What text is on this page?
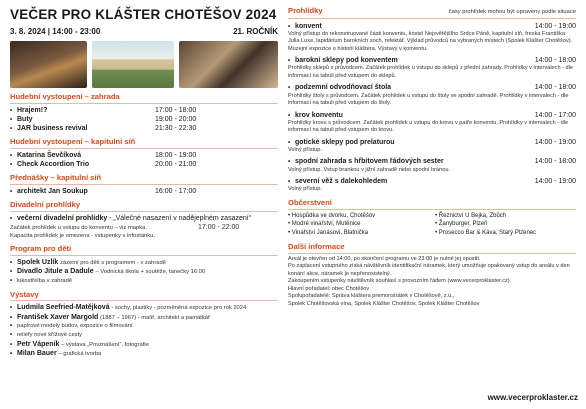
VEČER PRO KLÁŠTER CHOTĚŠOV 2024
3. 8. 2024 | 14:00 - 23:00	21. ROČNÍK
Hudební vystoupení – zahrada
• Hrajem!?	17:00 - 18:00
• Buty	19:00 - 20:00
• JAR business revival	21:30 - 22:30
Hudební vystoupení – kapitulní síň
• Katarina Ševčíková	18:00 - 19:00
• Check Accordion Trio	20:00 - 21:00
Přednášky – kapitulní síň
• architekt Jan Soukup	16:00 - 17:00
Divadelní prohlídky
• večerní divadelní prohlídky
- „Válečné nasazení v nadějeplném zasazení“
Začátek prohlídek u vstupu do konventu – viz mapka.	17:00 - 22:00
Kapacita prohlídek je omezena - vstupenky v infostánku.
Program pro děti
• Spolek Uzlík
zázemí pro děti s programem - v zahradě
• Divadlo Jitule a Dadule
– Vodnická škola + soutěže, tanečky 16:00
• lukostřelba v zahradě
Výstavy
• Ludmila Seefried-Matějková
- sochy, plastiky - pozměněná expozice pro rok 2024
• František Xaver Margold
(1887 – 1967) - malíř, architekt a památkář
• papírové modely budov, expozice o filmování
• reliéfy nové křížové cesty
• Petr Vápeník
– výstava „Povznášení“, fotografie
• Milan Bauer
– grafická tvorba
Prohlídky	časy prohlídek mohou být upraveny podle situace
• konvent	14:00 - 19:00
Volný přístup do rekonstruované části konventu, kostel Nejsvětějšího Srdce Páně, kapitulní síň, freska Františka Julia Luxe, lapidárium barokních soch, refektář. Výklad průvodců na vybraných místech (Spolek Klášter Chotěšov). Muzejní expozice o historii kláštera. Výstavy v konventu.
• barokní sklepy pod konventem	14:00 - 18:00
Prohlídky sklepů s průvodcem. Začátek prohlídek u vstupu do sklepů z přední zahrady. Prohlídky v intervalech - dle informací na tabuli před vstupem do sklepů.
• podzemní odvodňovací štola	14:00 - 18:00
Prohlídky štoly s průvodcem. Začátek prohlídek u vstupu do štoly ve spodní zahradě. Prohlídky v intervalech - dle informací na tabuli před vstupem do štoly.
• krov konventu	14:00 - 17:00
Prohlídky krovu s průvodcem. Začátek prohlídek u vstupu do krovu v patře konventu. Prohlídky v intervalech - dle informací na tabuli před vstupem do krovu.
• gotické sklepy pod prelaturou	14:00 - 19:00
Volný přístup.
• spodní zahrada s hřbitovem řádových sester	14:00 - 18:00
Volný přístup. Vstup brankou v jižní zahradě nebo spodní bránou.
• severní věž s dalekohledem	14:00 - 19:00
Volný přístup.
Občerstvení
• Hospůdka ve dvorku, Chotěšov	• Řeznictví U Bejka, Zbůch
• Modré vinařství, Mutěnice	• Žanyburger, Plzeň
• Vinařství Janásovi, Blatnička	• Prosecco Bar & Káva, Starý Plzenec
Další informace
Areál je otevřen od 14:00, po skončení programu ve 23:00 je nutné jej opustit.
Po zaplacení vstupného získá návštěvník identifikační náramek, který umožňuje opakovaný vstup do areálu v den konání akce, náramek je nepřenosistelný.
Zakoupením vstupenky návštěvník souhlasí s provozním řádem (www.vecerproklaster.cz).
Hlavní pořadatel: obec Chotěšov
Spolupořadatelé: Správa kláštera premonstrátek v Chotěšově, z.ú.,
Spolek Chotěšovská vína, Spolek Klášter Chotěšov, Spolek Klášter Chotěšov
www.vecerproklaster.cz
